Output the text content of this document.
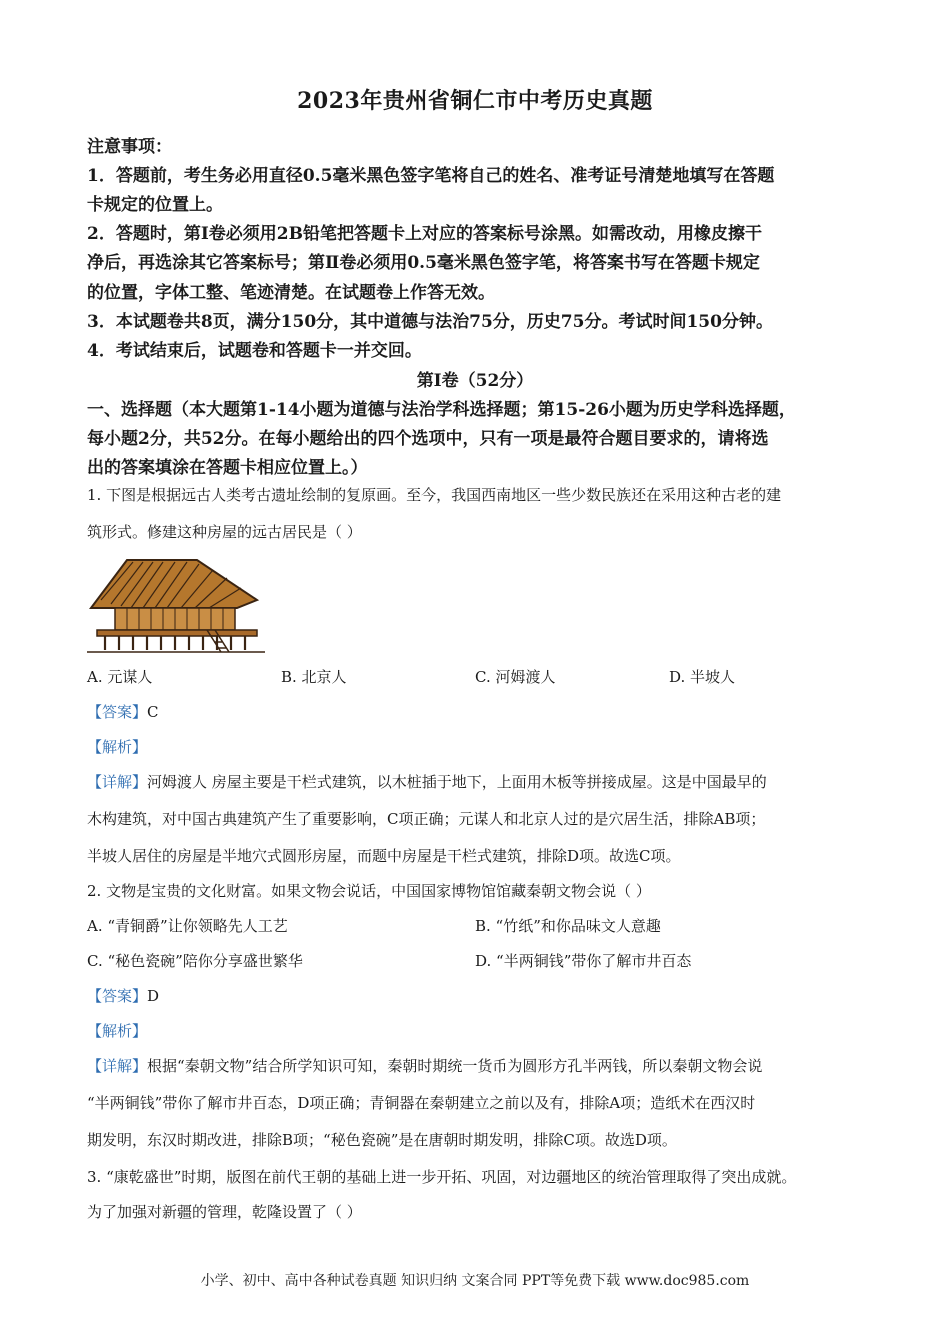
2023年贵州省铜仁市中考历史真题
注意事项：
1．答题前，考生务必用直径0.5毫米黑色签字笔将自己的姓名、准考证号清楚地填写在答题
卡规定的位置上。
2．答题时，第Ⅰ卷必须用2B铅笔把答题卡上对应的答案标号涂黑。如需改动，用橡皮擦干
净后，再选涂其它答案标号；第Ⅱ卷必须用0.5毫米黑色签字笔，将答案书写在答题卡规定
的位置，字体工整、笔迹清楚。在试题卷上作答无效。
3．本试题卷共8页，满分150分，其中道德与法治75分，历史75分。考试时间150分钟。
4．考试结束后，试题卷和答题卡一并交回。
第Ⅰ卷（52分）
一、选择题（本大题第1-14小题为道德与法治学科选择题；第15-26小题为历史学科选择题，
每小题2分，共52分。在每小题给出的四个选项中，只有一项是最符合题目要求的，请将选
出的答案填涂在答题卡相应位置上。）
1. 下图是根据远古人类考古遗址绘制的复原画。至今，我国西南地区一些少数民族还在采用这种古老的建
筑形式。修建这种房屋的远古居民是（ ）
A. 元谋人	B. 北京人	C. 河姆渡人	D. 半坡人
【答案】C
【解析】
【详解】河姆渡人 房屋主要是干栏式建筑，以木桩插于地下，上面用木板等拼接成屋。这是中国最早的
木构建筑，对中国古典建筑产生了重要影响，C项正确；元谋人和北京人过的是穴居生活，排除AB项；
半坡人居住的房屋是半地穴式圆形房屋，而题中房屋是干栏式建筑，排除D项。故选C项。
2. 文物是宝贵的文化财富。如果文物会说话，中国国家博物馆馆藏秦朝文物会说（ ）
A. “青铜爵”让你领略先人工艺	B. “竹纸”和你品味文人意趣
C. “秘色瓷碗”陪你分享盛世繁华	D. “半两铜钱”带你了解市井百态
【答案】D
【解析】
【详解】根据“秦朝文物”结合所学知识可知，秦朝时期统一货币为圆形方孔半两钱，所以秦朝文物会说
“半两铜钱”带你了解市井百态，D项正确；青铜器在秦朝建立之前以及有，排除A项；造纸术在西汉时
期发明，东汉时期改进，排除B项；“秘色瓷碗”是在唐朝时期发明，排除C项。故选D项。
3. “康乾盛世”时期，版图在前代王朝的基础上进一步开拓、巩固，对边疆地区的统治管理取得了突出成就。
为了加强对新疆的管理，乾隆设置了（ ）
小学、初中、高中各种试卷真题 知识归纳 文案合同 PPT等免费下载 www.doc985.com
